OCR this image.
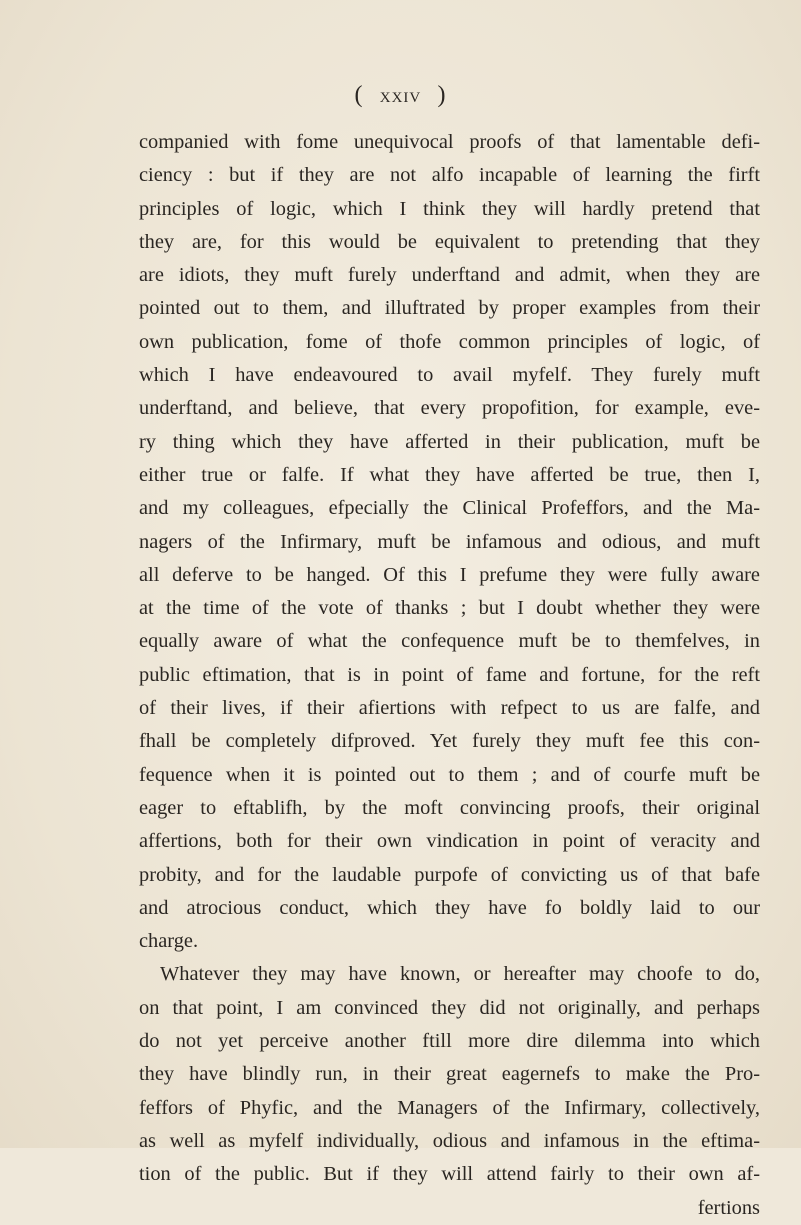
( xxiv )
companied with fome unequivocal proofs of that lamentable defi-
ciency : but if they are not alfo incapable of learning the firft
principles of logic, which I think they will hardly pretend that
they are, for this would be equivalent to pretending that they
are idiots, they muft furely underftand and admit, when they are
pointed out to them, and illuftrated by proper examples from their
own publication, fome of thofe common principles of logic, of
which I have endeavoured to avail myfelf. They furely muft
underftand, and believe, that every propofition, for example, eve-
ry thing which they have afferted in their publication, muft be
either true or falfe. If what they have afferted be true, then I,
and my colleagues, efpecially the Clinical Profeffors, and the Ma-
nagers of the Infirmary, muft be infamous and odious, and muft
all deferve to be hanged. Of this I prefume they were fully aware
at the time of the vote of thanks ; but I doubt whether they were
equally aware of what the confequence muft be to themfelves, in
public eftimation, that is in point of fame and fortune, for the reft
of their lives, if their afiertions with refpect to us are falfe, and
fhall be completely difproved. Yet furely they muft fee this con-
fequence when it is pointed out to them ; and of courfe muft be
eager to eftablifh, by the moft convincing proofs, their original
affertions, both for their own vindication in point of veracity and
probity, and for the laudable purpofe of convicting us of that bafe
and atrocious conduct, which they have fo boldly laid to our
charge.
Whatever they may have known, or hereafter may choofe to do,
on that point, I am convinced they did not originally, and perhaps
do not yet perceive another ftill more dire dilemma into which
they have blindly run, in their great eagernefs to make the Pro-
feffors of Phyfic, and the Managers of the Infirmary, collectively,
as well as myfelf individually, odious and infamous in the eftima-
tion of the public. But if they will attend fairly to their own af-
fertions
